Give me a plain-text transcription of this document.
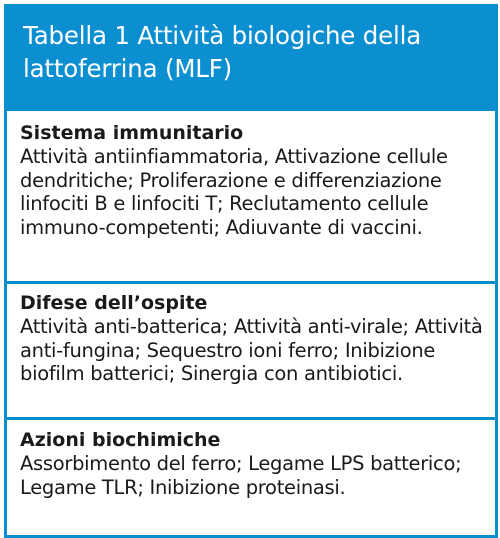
Tabella 1 Attività biologiche della lattoferrina (MLF)

Sistema immunitario

Attività antiinfiammatoria, Attivazione cellule dendritiche; Proliferazione e differenziazione linfociti B e linfociti T; Reclutamento cellule immuno-competenti; Adiuvante di vaccini.

Difese dell’ospite

Attività anti-batterica; Attività anti-virale; Attività anti-fungina; Sequestro ioni ferro; Inibizione biofilm batterici; Sinergia con antibiotici.

Azioni biochimiche

Assorbimento del ferro; Legame LPS batterico; Legame TLR; Inibizione proteinasi.
